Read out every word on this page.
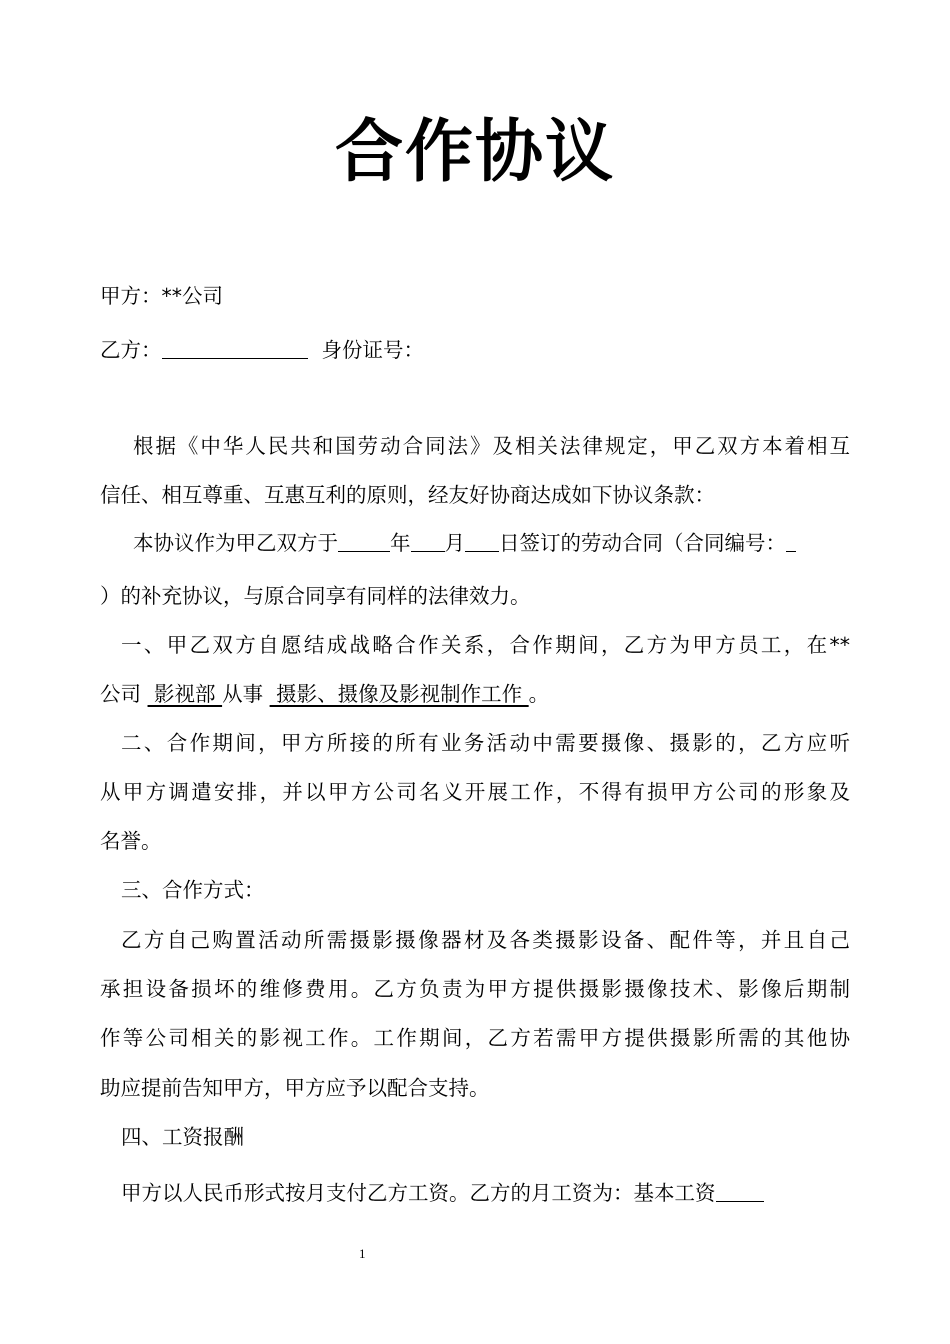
合作协议
甲方：**公司
乙方：	身份证号：
根据《中华人民共和国劳动合同法》及相关法律规定，甲乙双方本着相互
信任、相互尊重、互惠互利的原则，经友好协商达成如下协议条款：
本协议作为甲乙双方于	年 月 日签订的劳动合同（合同编号：
）的补充协议，与原合同享有同样的法律效力。
一、甲乙双方自愿结成战略合作关系，合作期间，乙方为甲方员工，在**
公司  影视部 从事  摄影、摄像及影视制作工作 。
二、合作期间，甲方所接的所有业务活动中需要摄像、摄影的，乙方应听
从甲方调遣安排，并以甲方公司名义开展工作，不得有损甲方公司的形象及
名誉。
三、合作方式：
乙方自己购置活动所需摄影摄像器材及各类摄影设备、配件等，并且自己
承担设备损坏的维修费用。乙方负责为甲方提供摄影摄像技术、影像后期制
作等公司相关的影视工作。工作期间，乙方若需甲方提供摄影所需的其他协
助应提前告知甲方，甲方应予以配合支持。
四、工资报酬
甲方以人民币形式按月支付乙方工资。乙方的月工资为：基本工资
1
